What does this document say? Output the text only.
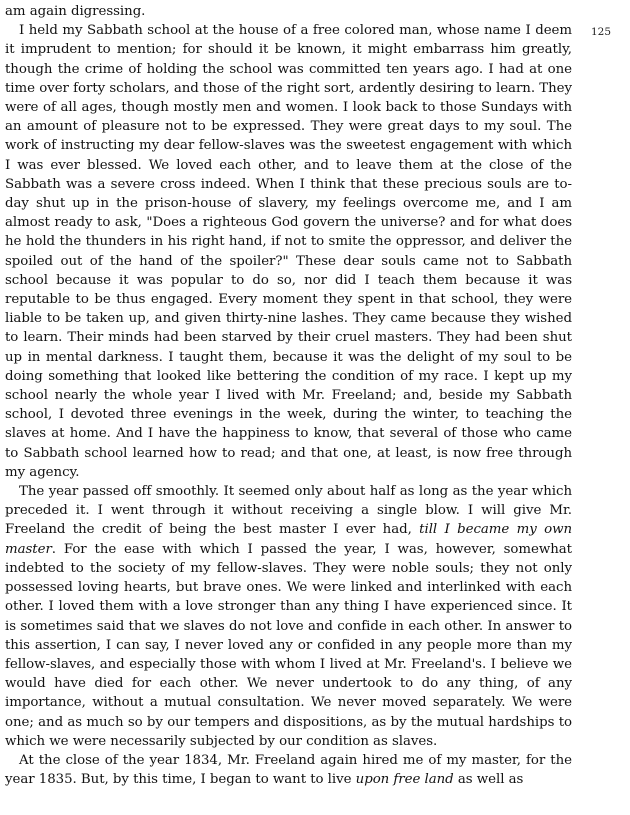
125

am again digressing.

I held my Sabbath school at the house of a free colored man, whose name I deem it imprudent to mention; for should it be known, it might embarrass him greatly, though the crime of holding the school was committed ten years ago. I had at one time over forty scholars, and those of the right sort, ardently desiring to learn. They were of all ages, though mostly men and women. I look back to those Sundays with an amount of pleasure not to be expressed. They were great days to my soul. The work of instructing my dear fellow-slaves was the sweetest engagement with which I was ever blessed. We loved each other, and to leave them at the close of the Sabbath was a severe cross indeed. When I think that these precious souls are to-day shut up in the prison-house of slavery, my feelings overcome me, and I am almost ready to ask, "Does a righteous God govern the universe? and for what does he hold the thunders in his right hand, if not to smite the oppressor, and deliver the spoiled out of the hand of the spoiler?" These dear souls came not to Sabbath school because it was popular to do so, nor did I teach them because it was reputable to be thus engaged. Every moment they spent in that school, they were liable to be taken up, and given thirty-nine lashes. They came because they wished to learn. Their minds had been starved by their cruel masters. They had been shut up in mental darkness. I taught them, because it was the delight of my soul to be doing something that looked like bettering the condition of my race. I kept up my school nearly the whole year I lived with Mr. Freeland; and, beside my Sabbath school, I devoted three evenings in the week, during the winter, to teaching the slaves at home. And I have the happiness to know, that several of those who came to Sabbath school learned how to read; and that one, at least, is now free through my agency.

The year passed off smoothly. It seemed only about half as long as the year which preceded it. I went through it without receiving a single blow. I will give Mr. Freeland the credit of being the best master I ever had, till I became my own master. For the ease with which I passed the year, I was, however, somewhat indebted to the society of my fellow-slaves. They were noble souls; they not only possessed loving hearts, but brave ones. We were linked and interlinked with each other. I loved them with a love stronger than any thing I have experienced since. It is sometimes said that we slaves do not love and confide in each other. In answer to this assertion, I can say, I never loved any or confided in any people more than my fellow-slaves, and especially those with whom I lived at Mr. Freeland's. I believe we would have died for each other. We never undertook to do any thing, of any importance, without a mutual consultation. We never moved separately. We were one; and as much so by our tempers and dispositions, as by the mutual hardships to which we were necessarily subjected by our condition as slaves.

At the close of the year 1834, Mr. Freeland again hired me of my master, for the year 1835. But, by this time, I began to want to live upon free land as well as
